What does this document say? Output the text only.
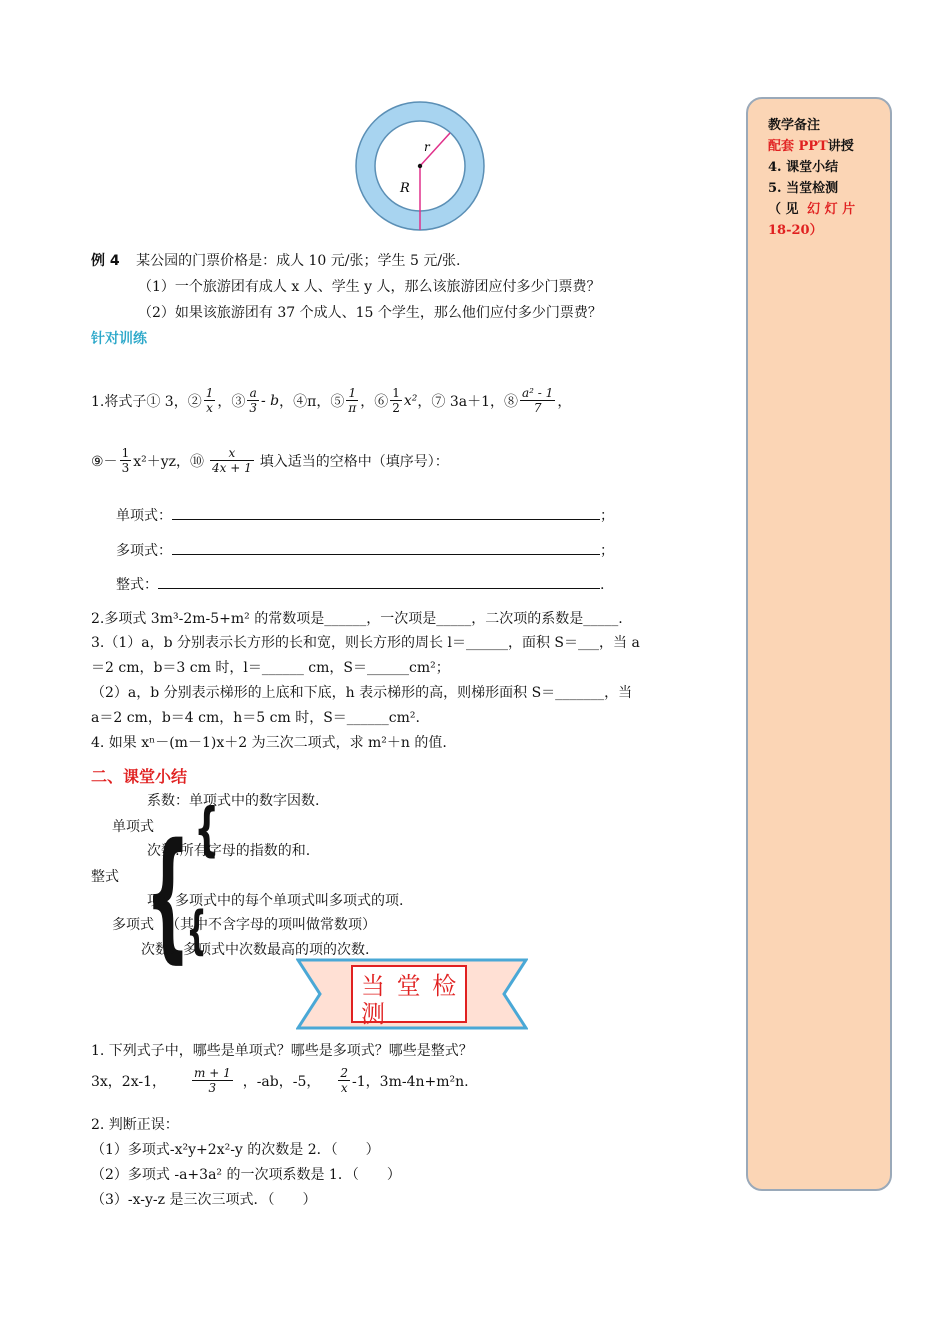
r
R
例 4 某公园的门票价格是：成人 10 元/张；学生 5 元/张.
（1）一个旅游团有成人 x 人、学生 y 人，那么该旅游团应付多少门票费？
（2）如果该旅游团有 37 个成人、15 个学生，那么他们应付多少门票费？
针对训练
1.将式子① 3，② $\frac{1}{x}$ ，③ $\frac{a}{3}$ - b ，④π，⑤ $\frac{1}{\pi}$ ，⑥ $\frac{1}{2} x^2$ ，⑦ 3a＋1，⑧ $\frac{\text{a² - 1}}{7}$ ，
⑨－ $\frac{1}{3} x^2+yz$，⑩ $\frac{x}{4x + 1}$ 填入适当的空格中（填序号）：
单项式：	；
多项式：	；
整式：	.
2.多项式 3m³-2m-5+m² 的常数项是______，一次项是_____，二次项的系数是_____.
3.（1）a，b 分别表示长方形的长和宽，则长方形的周长 l＝______，面积 S＝___，当 a
＝2 cm，b＝3 cm 时，l＝______ cm，S＝______cm²；
（2）a，b 分别表示梯形的上底和下底，h 表示梯形的高，则梯形面积 S＝_______，当
a＝2 cm，b＝4 cm，h＝5 cm 时，S＝______cm².
4. 如果 xⁿ－(m－1)x＋2 为三次二项式，求 m²＋n 的值.
二、课堂小结
系数：单项式中的数字因数.
单项式 {
次数:所有字母的指数的和.
整式 {
项：多项式中的每个单项式叫多项式的项.
多项式 {
（其中不含字母的项叫做常数项）
次数：多项式中次数最高的项的次数.
当 堂 检 测
1. 下列式子中，哪些是单项式？哪些是多项式？哪些是整式？
3x，2x-1， $\frac{m + 1}{3}$ ，-ab，-5， $\frac{2}{x} -1$，3m-4n+m²n.
2. 判断正误：
（1）多项式-x²y+2x²-y 的次数是 2．（　　）
（2）多项式 -a+3a² 的一次项系数是 1．（　　）
（3）-x-y-z 是三次三项式．（　　）
教学备注
配套 PPT讲授
4. 课堂小结
5. 当堂检测
（ 见 幻 灯 片
18-20）
